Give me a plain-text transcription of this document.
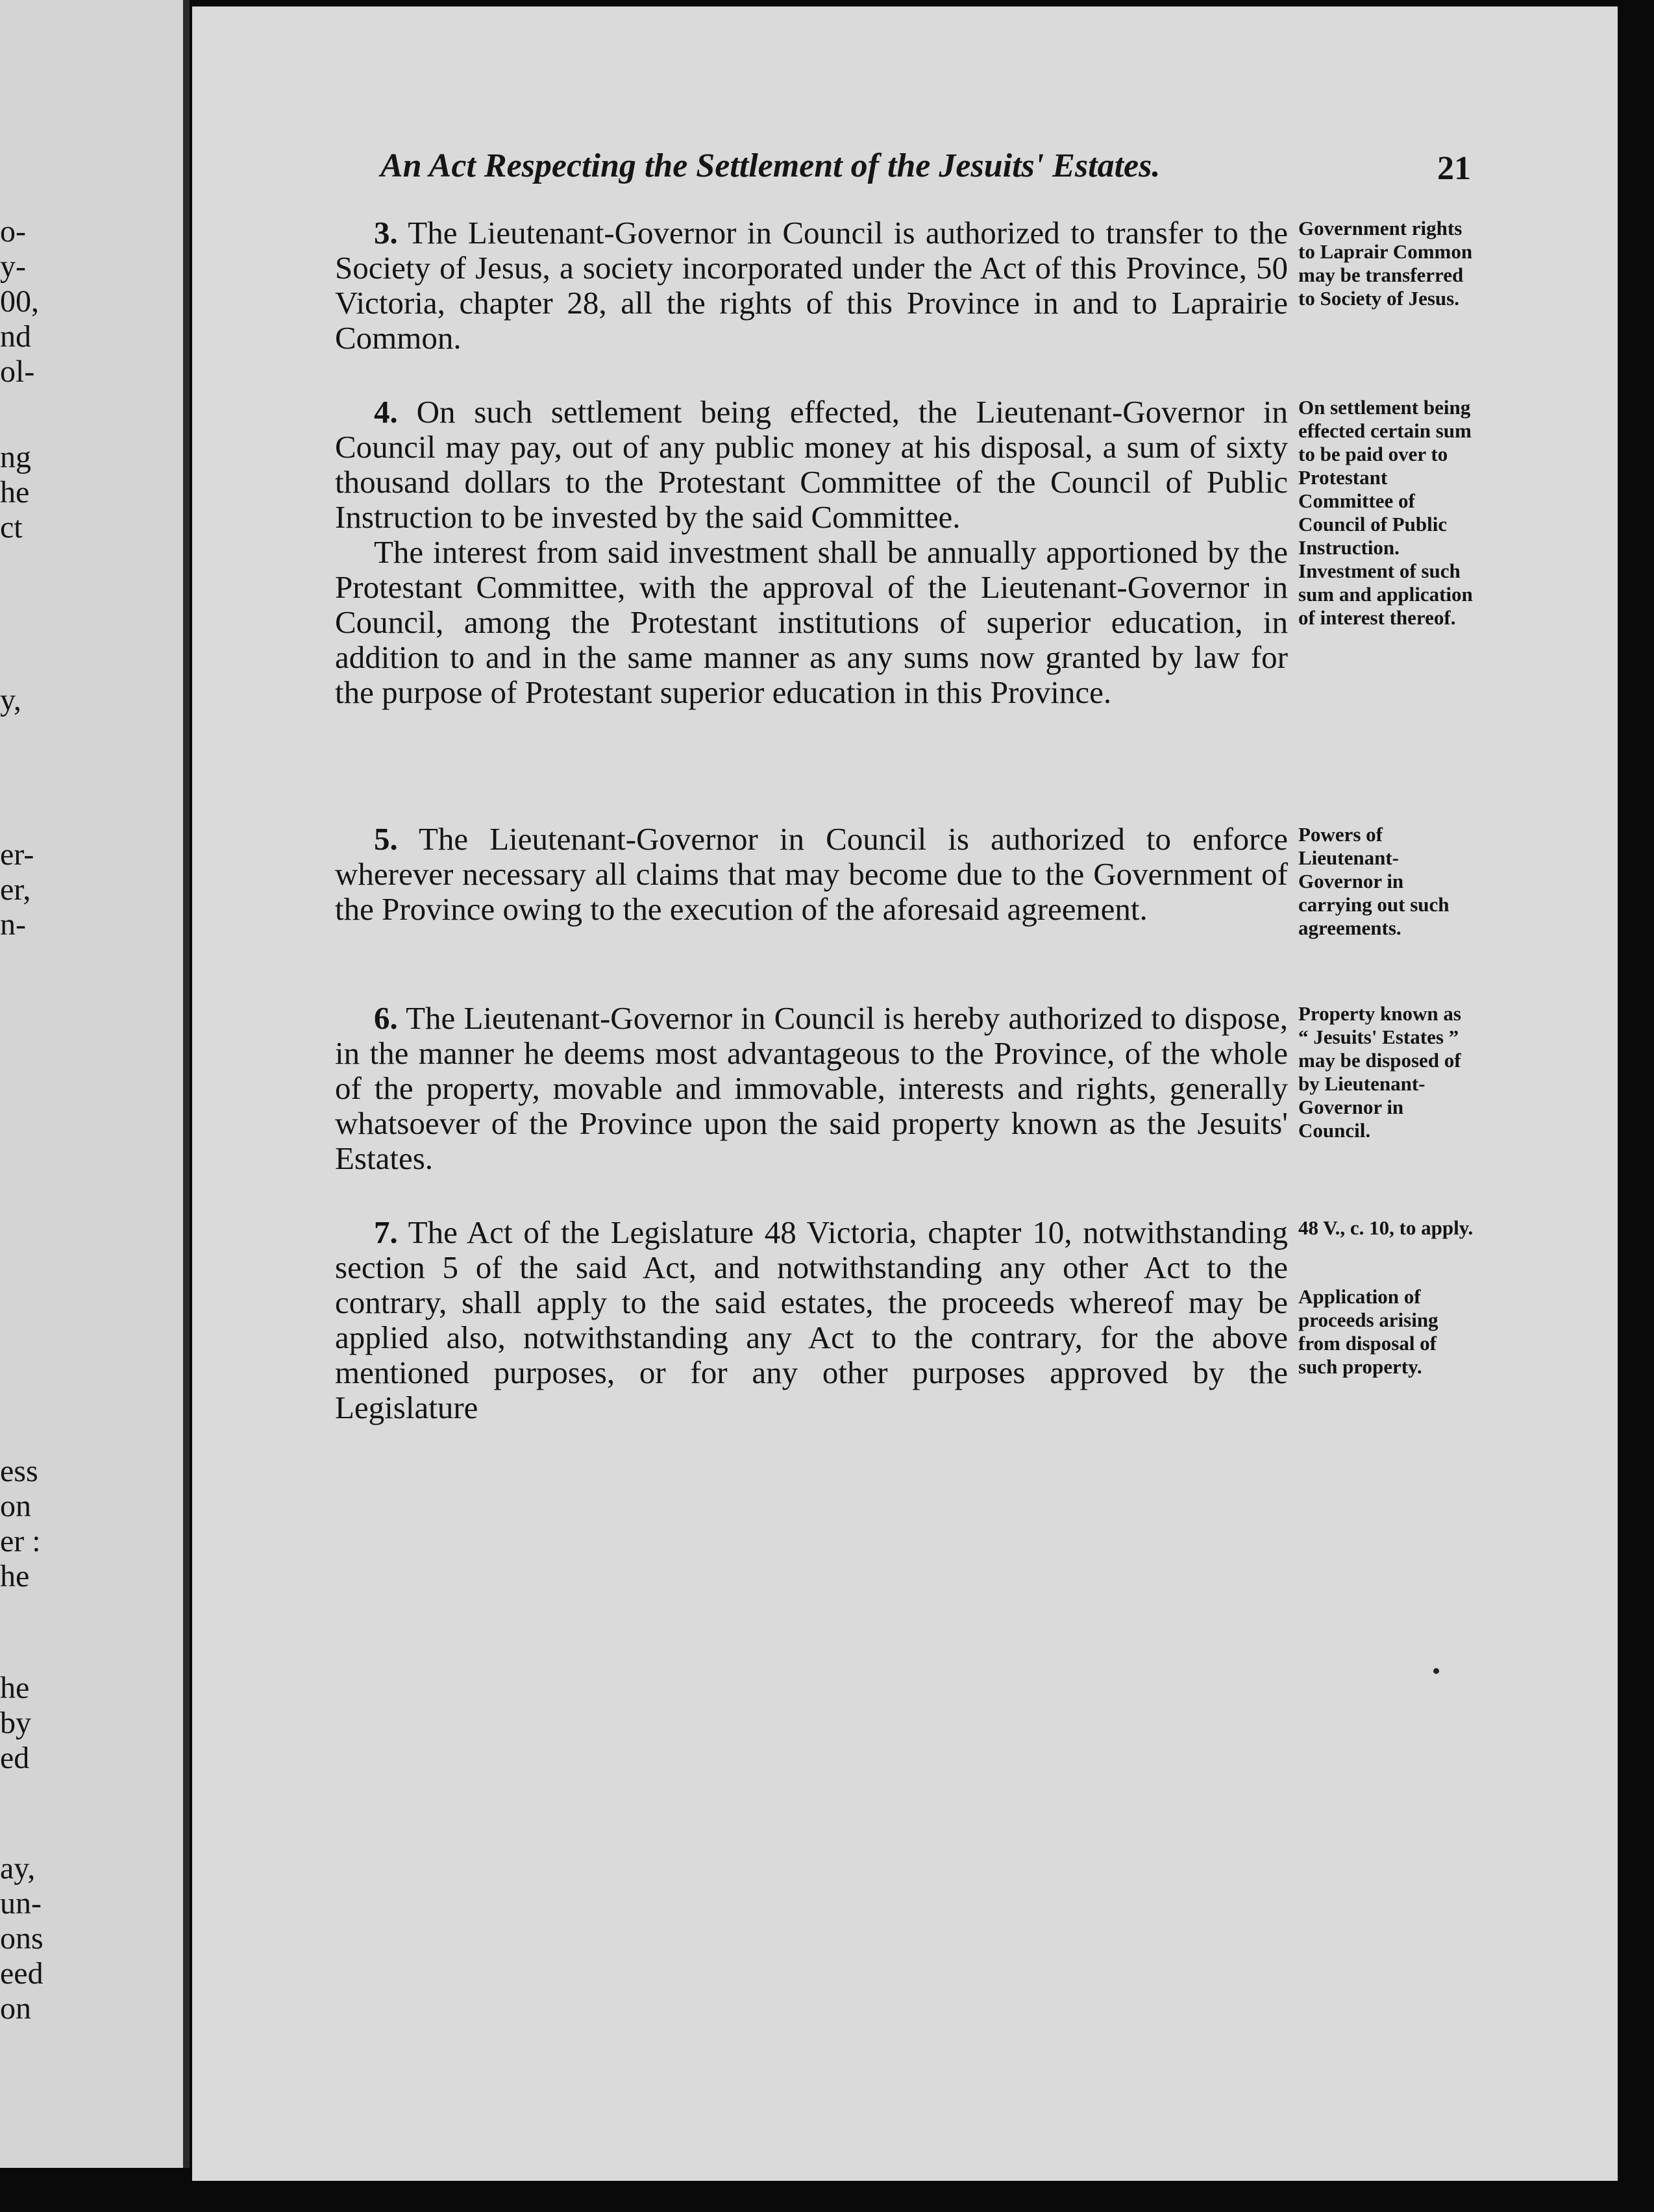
o-
y-
00,
nd
ol-
ng
he
ct
y,
er-
er,
n-
ess
on
er :
he
he
by
ed
ay,
un-
ons
eed
on
An Act Respecting the Settlement of the Jesuits' Estates.	21

3. The Lieutenant-Governor in Council is authorized to transfer to the Society of Jesus, a society incorporated under the Act of this Province, 50 Victoria, chapter 28, all the rights of this Province in and to Laprairie Common.

Government rights to Laprair Common may be transferred to Society of Jesus.

4. On such settlement being effected, the Lieutenant-Governor in Council may pay, out of any public money at his disposal, a sum of sixty thousand dollars to the Protestant Committee of the Council of Public Instruction to be invested by the said Committee.

The interest from said investment shall be annually apportioned by the Protestant Committee, with the approval of the Lieutenant-Governor in Council, among the Protestant institutions of superior education, in addition to and in the same manner as any sums now granted by law for the purpose of Protestant superior education in this Province.

On settlement being effected certain sum to be paid over to Protestant Committee of Council of Public Instruction. Investment of such sum and application of interest thereof.

5. The Lieutenant-Governor in Council is authorized to enforce wherever necessary all claims that may become due to the Government of the Province owing to the execution of the aforesaid agreement.

Powers of Lieutenant-Governor in carrying out such agreements.

6. The Lieutenant-Governor in Council is hereby authorized to dispose, in the manner he deems most advantageous to the Province, of the whole of the property, movable and immovable, interests and rights, generally whatsoever of the Province upon the said property known as the Jesuits' Estates.

Property known as “ Jesuits' Estates ” may be disposed of by Lieutenant-Governor in Council.

7. The Act of the Legislature 48 Victoria, chapter 10, notwithstanding section 5 of the said Act, and notwithstanding any other Act to the contrary, shall apply to the said estates, the proceeds whereof may be applied also, notwithstanding any Act to the contrary, for the above mentioned purposes, or for any other purposes approved by the Legislature

48 V., c. 10, to apply.
Application of proceeds arising from disposal of such property.
